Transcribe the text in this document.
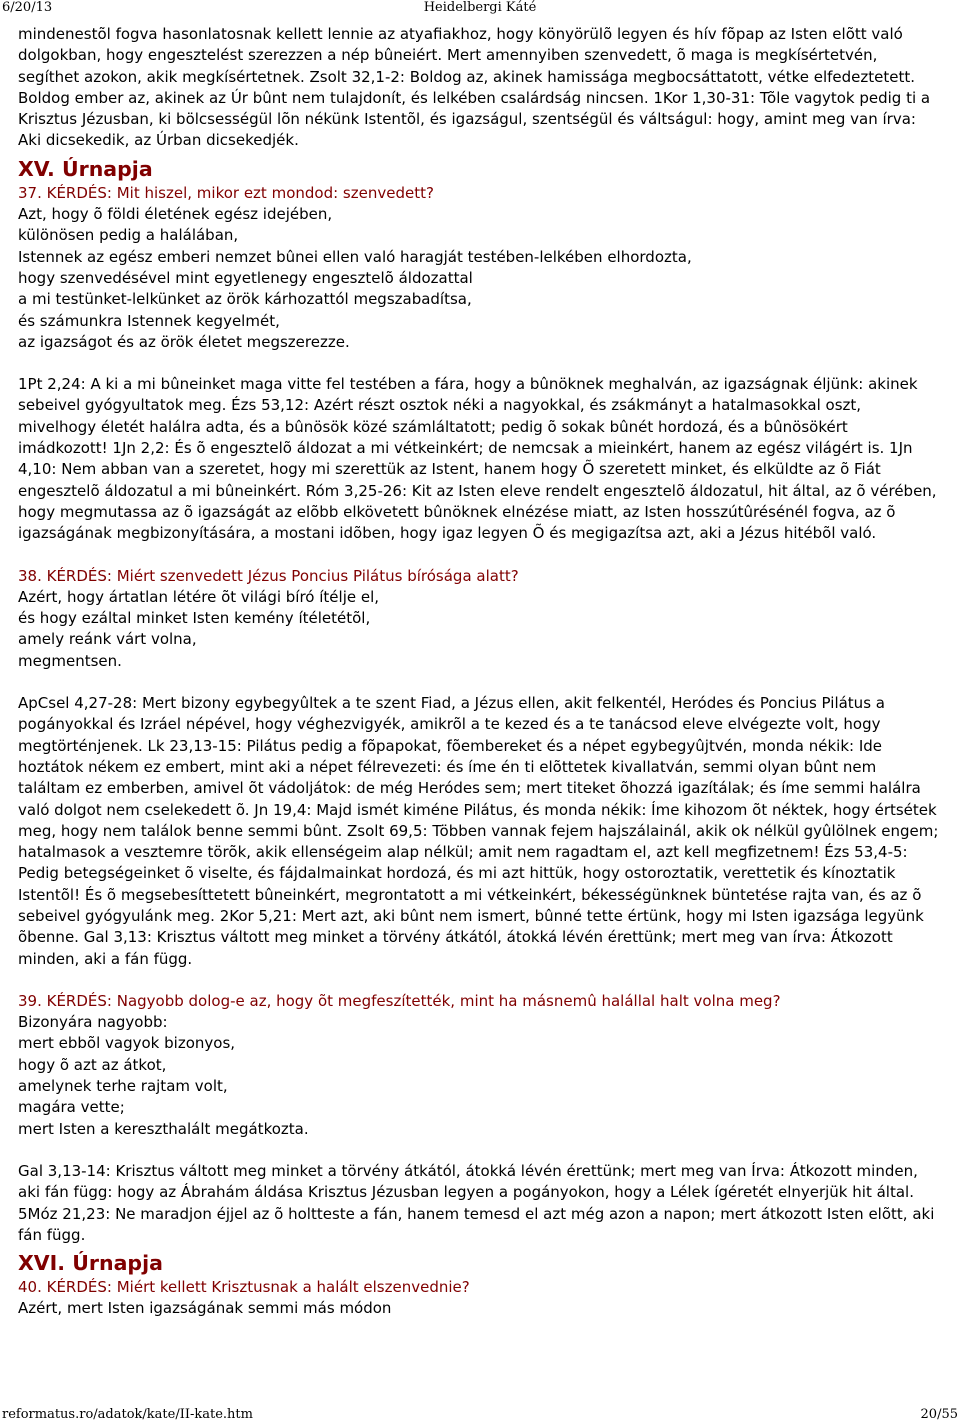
6/20/13	Heidelbergi Káté

mindenestõl fogva hasonlatosnak kellett lennie az atyafiakhoz, hogy könyörülõ legyen és hív fõpap az Isten elõtt való dolgokban, hogy engesztelést szerezzen a nép bûneiért. Mert amennyiben szenvedett, õ maga is megkísértetvén, segíthet azokon, akik megkísértetnek. Zsolt 32,1-2: Boldog az, akinek hamissága megbocsáttatott, vétke elfedeztetett. Boldog ember az, akinek az Úr bûnt nem tulajdonít, és lelkében csalárdság nincsen. 1Kor 1,30-31: Tõle vagytok pedig ti a Krisztus Jézusban, ki bölcsességül lõn nékünk Istentõl, és igazságul, szentségül és váltságul: hogy, amint meg van írva: Aki dicsekedik, az Úrban dicsekedjék.

XV. Úrnapja

37. KÉRDÉS: Mit hiszel, mikor ezt mondod: szenvedett?

Azt, hogy õ földi életének egész idejében,
különösen pedig a halálában,
Istennek az egész emberi nemzet bûnei ellen való haragját testében-lelkében elhordozta,
hogy szenvedésével mint egyetlenegy engesztelõ áldozattal
a mi testünket-lelkünket az örök kárhozattól megszabadítsa,
és számunkra Istennek kegyelmét,
az igazságot és az örök életet megszerezze.

1Pt 2,24: A ki a mi bûneinket maga vitte fel testében a fára, hogy a bûnöknek meghalván, az igazságnak éljünk: akinek sebeivel gyógyultatok meg. Ézs 53,12: Azért részt osztok néki a nagyokkal, és zsákmányt a hatalmasokkal oszt, mivelhogy életét halálra adta, és a bûnösök közé számláltatott; pedig õ sokak bûnét hordozá, és a bûnösökért imádkozott! 1Jn 2,2: És õ engesztelõ áldozat a mi vétkeinkért; de nemcsak a mieinkért, hanem az egész világért is. 1Jn 4,10: Nem abban van a szeretet, hogy mi szerettük az Istent, hanem hogy Õ szeretett minket, és elküldte az õ Fiát engesztelõ áldozatul a mi bûneinkért. Róm 3,25-26: Kit az Isten eleve rendelt engesztelõ áldozatul, hit által, az õ vérében, hogy megmutassa az õ igazságát az elõbb elkövetett bûnöknek elnézése miatt, az Isten hosszútûrésénél fogva, az õ igazságának megbizonyítására, a mostani idõben, hogy igaz legyen Õ és megigazítsa azt, aki a Jézus hitébõl való.

38. KÉRDÉS: Miért szenvedett Jézus Poncius Pilátus bírósága alatt?

Azért, hogy ártatlan létére õt világi bíró ítélje el,
és hogy ezáltal minket Isten kemény ítéletétõl,
amely reánk várt volna,
megmentsen.

ApCsel 4,27-28: Mert bizony egybegyûltek a te szent Fiad, a Jézus ellen, akit felkentél, Heródes és Poncius Pilátus a pogányokkal és Izráel népével, hogy véghezvigyék, amikrõl a te kezed és a te tanácsod eleve elvégezte volt, hogy megtörténjenek. Lk 23,13-15: Pilátus pedig a fõpapokat, fõembereket és a népet egybegyûjtvén, monda nékik: Ide hoztátok nékem ez embert, mint aki a népet félrevezeti: és íme én ti elõttetek kivallatván, semmi olyan bûnt nem találtam ez emberben, amivel õt vádoljátok: de még Heródes sem; mert titeket õhozzá igazítálak; és íme semmi halálra való dolgot nem cselekedett õ. Jn 19,4: Majd ismét kiméne Pilátus, és monda nékik: Íme kihozom õt néktek, hogy értsétek meg, hogy nem találok benne semmi bûnt. Zsolt 69,5: Többen vannak fejem hajszálainál, akik ok nélkül gyûlölnek engem; hatalmasok a vesztemre törõk, akik ellenségeim alap nélkül; amit nem ragadtam el, azt kell megfizetnem! Ézs 53,4-5: Pedig betegségeinket õ viselte, és fájdalmainkat hordozá, és mi azt hittük, hogy ostoroztatik, verettetik és kínoztatik Istentõl! És õ megsebesíttetett bûneinkért, megrontatott a mi vétkeinkért, békességünknek büntetése rajta van, és az õ sebeivel gyógyulánk meg. 2Kor 5,21: Mert azt, aki bûnt nem ismert, bûnné tette értünk, hogy mi Isten igazsága legyünk õbenne. Gal 3,13: Krisztus váltott meg minket a törvény átkától, átokká lévén érettünk; mert meg van írva: Átkozott minden, aki a fán függ.

39. KÉRDÉS: Nagyobb dolog-e az, hogy õt megfeszítették, mint ha másnemû halállal halt volna meg?

Bizonyára nagyobb:
mert ebbõl vagyok bizonyos,
hogy õ azt az átkot,
amelynek terhe rajtam volt,
magára vette;
mert Isten a kereszthalált megátkozta.

Gal 3,13-14: Krisztus váltott meg minket a törvény átkától, átokká lévén érettünk; mert meg van Írva: Átkozott minden, aki fán függ: hogy az Ábrahám áldása Krisztus Jézusban legyen a pogányokon, hogy a Lélek ígéretét elnyerjük hit által. 5Móz 21,23: Ne maradjon éjjel az õ holtteste a fán, hanem temesd el azt még azon a napon; mert átkozott Isten elõtt, aki fán függ.

XVI. Úrnapja

40. KÉRDÉS: Miért kellett Krisztusnak a halált elszenvednie?

Azért, mert Isten igazságának semmi más módon
reformatus.ro/adatok/kate/II-kate.htm	20/55
